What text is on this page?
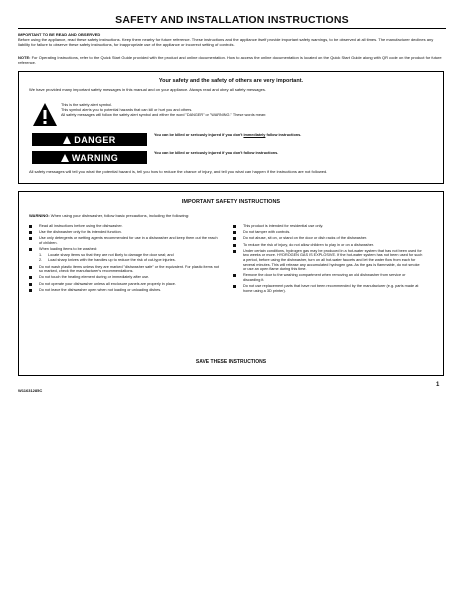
SAFETY AND INSTALLATION INSTRUCTIONS
IMPORTANT TO BE READ AND OBSERVED
Before using the appliance, read these safety instructions. Keep them nearby for future reference. These instructions and the appliance itself provide important safety warnings, to be observed at all times. The manufacturer declines any liability for failure to observe these safety instructions, for inappropriate use of the appliance or incorrect setting of controls.
NOTE: For Operating Instructions, refer to the Quick Start Guide provided with the product and online documentation. How to access the online documentation is located on the Quick Start Guide along with QR code on the product for future reference.
Your safety and the safety of others are very important.
We have provided many important safety messages in this manual and on your appliance. Always read and obey all safety messages.
This is the safety alert symbol.
This symbol alerts you to potential hazards that can kill or hurt you and others.
All safety messages will follow the safety alert symbol and either the word "DANGER" or "WARNING." These words mean:
DANGER	You can be killed or seriously injured if you don't immediately follow instructions.
WARNING	You can be killed or seriously injured if you don't follow instructions.
All safety messages will tell you what the potential hazard is, tell you how to reduce the chance of injury, and tell you what can happen if the instructions are not followed.
IMPORTANT SAFETY INSTRUCTIONS
WARNING: When using your dishwasher, follow basic precautions, including the following:
Read all instructions before using the dishwasher.
Use the dishwasher only for its intended function.
Use only detergents or wetting agents recommended for use in a dishwasher and keep them out the reach of children.
When loading items to be washed:
1. Locate sharp items so that they are not likely to damage the door seal; and
2. Load sharp knives with the handles up to reduce the risk of cut-type injuries.
Do not wash plastic items unless they are marked "dishwasher safe" or the equivalent. For plastic items not so marked, check the manufacturer's recommendations.
Do not touch the heating element during or immediately after use.
Do not operate your dishwasher unless all enclosure panels are properly in place.
Do not leave the dishwasher open when not loading or unloading dishes.
This product is intended for residential use only.
Do not tamper with controls.
Do not abuse, sit on, or stand on the door or dish racks of the dishwasher.
To reduce the risk of injury, do not allow children to play in or on a dishwasher.
Under certain conditions, hydrogen gas may be produced in a hot-water system that has not been used for two weeks or more. HYDROGEN GAS IS EXPLOSIVE. If the hot-water system has not been used for such a period, before using the dishwasher, turn on all hot-water faucets and let the water flow from each for several minutes. This will release any accumulated hydrogen gas. As the gas is flammable, do not smoke or use an open flame during this time.
Remove the door to the washing compartment when removing an old dishwasher from service or discarding it.
Do not use replacement parts that have not been recommended by the manufacturer (e.g. parts made at home using a 3D printer).
SAVE THESE INSTRUCTIONS
W11631285C
1
